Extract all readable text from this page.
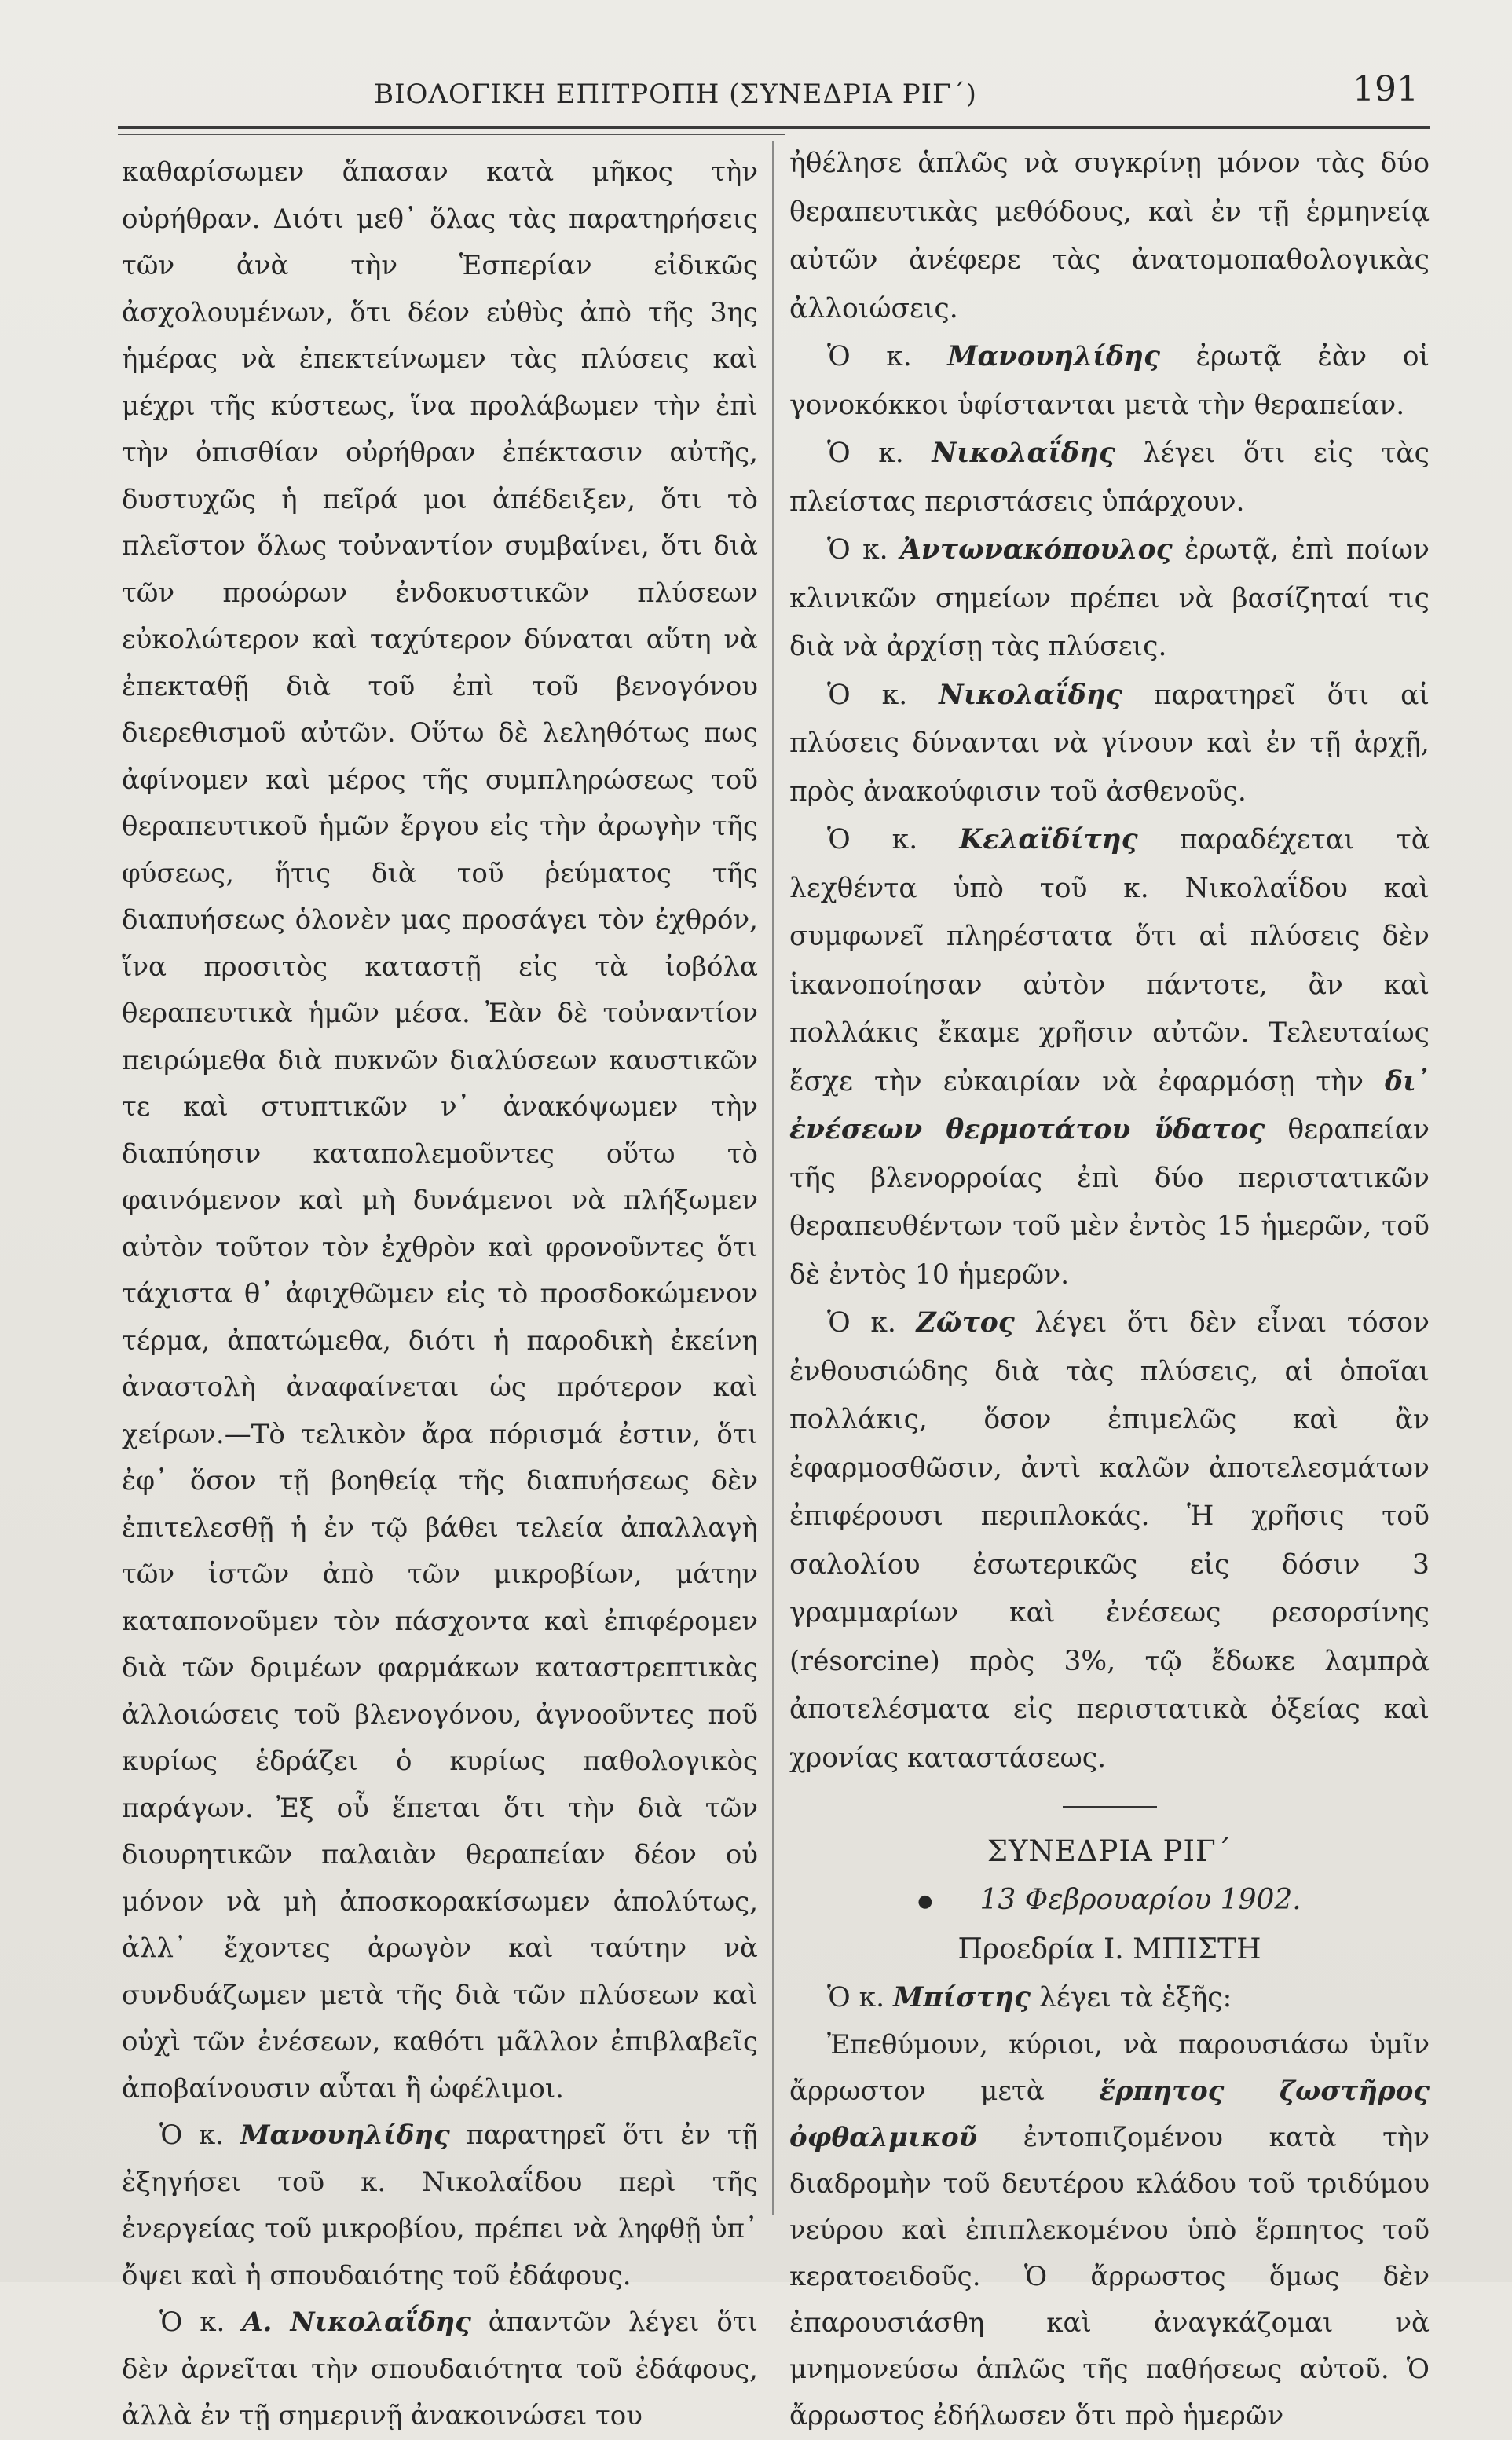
ΒΙΟΛΟΓΙΚΗ ΕΠΙΤΡΟΠΗ (ΣΥΝΕΔΡΙΑ ΡΙΓ΄)	191

καθαρίσωμεν ἅπασαν κατὰ μῆκος τὴν οὐρήθραν. Διότι μεθ᾿ ὅλας τὰς παρατηρήσεις τῶν ἀνὰ τὴν Ἑσπερίαν εἰδικῶς ἀσχολουμένων, ὅτι δέον εὐθὺς ἀπὸ τῆς 3ης ἡμέρας νὰ ἐπεκτείνωμεν τὰς πλύσεις καὶ μέχρι τῆς κύστεως, ἵνα προλάβωμεν τὴν ἐπὶ τὴν ὀπισθίαν οὐρήθραν ἐπέκτασιν αὐτῆς, δυστυχῶς ἡ πεῖρά μοι ἀπέδειξεν, ὅτι τὸ πλεῖστον ὅλως τοὐναντίον συμβαίνει, ὅτι διὰ τῶν προώρων ἐνδοκυστικῶν πλύσεων εὐκολώτερον καὶ ταχύτερον δύναται αὕτη νὰ ἐπεκταθῇ διὰ τοῦ ἐπὶ τοῦ βενογόνου διερεθισμοῦ αὐτῶν. Οὕτω δὲ λεληθότως πως ἀφίνομεν καὶ μέρος τῆς συμπληρώσεως τοῦ θεραπευτικοῦ ἡμῶν ἔργου εἰς τὴν ἀρωγὴν τῆς φύσεως, ἥτις διὰ τοῦ ῥεύματος τῆς διαπυήσεως ὁλονὲν μας προσάγει τὸν ἐχθρόν, ἵνα προσιτὸς καταστῇ εἰς τὰ ἰοβόλα θεραπευτικὰ ἡμῶν μέσα. Ἐὰν δὲ τοὐναντίον πειρώμεθα διὰ πυκνῶν διαλύσεων καυστικῶν τε καὶ στυπτικῶν ν᾿ ἀνακόψωμεν τὴν διαπύησιν καταπολεμοῦντες οὕτω τὸ φαινόμενον καὶ μὴ δυνάμενοι νὰ πλήξωμεν αὐτὸν τοῦτον τὸν ἐχθρὸν καὶ φρονοῦντες ὅτι τάχιστα θ᾿ ἀφιχθῶμεν εἰς τὸ προσδοκώμενον τέρμα, ἀπατώμεθα, διότι ἡ παροδικὴ ἐκείνη ἀναστολὴ ἀναφαίνεται ὡς πρότερον καὶ χείρων.—Τὸ τελικὸν ἄρα πόρισμά ἐστιν, ὅτι ἐφ᾿ ὅσον τῇ βοηθείᾳ τῆς διαπυήσεως δὲν ἐπιτελεσθῇ ἡ ἐν τῷ βάθει τελεία ἀπαλλαγὴ τῶν ἱστῶν ἀπὸ τῶν μικροβίων, μάτην καταπονοῦμεν τὸν πάσχοντα καὶ ἐπιφέρομεν διὰ τῶν δριμέων φαρμάκων καταστρεπτικὰς ἀλλοιώσεις τοῦ βλενογόνου, ἀγνοοῦντες ποῦ κυρίως ἑδράζει ὁ κυρίως παθολογικὸς παράγων. Ἐξ οὗ ἕπεται ὅτι τὴν διὰ τῶν διουρητικῶν παλαιὰν θεραπείαν δέον οὐ μόνον νὰ μὴ ἀποσκορακίσωμεν ἀπολύτως, ἀλλ᾿ ἔχοντες ἀρωγὸν καὶ ταύτην νὰ συνδυάζωμεν μετὰ τῆς διὰ τῶν πλύσεων καὶ οὐχὶ τῶν ἐνέσεων, καθότι μᾶλλον ἐπιβλαβεῖς ἀποβαίνουσιν αὗται ἢ ὠφέλιμοι.

Ὁ κ. Μανουηλίδης παρατηρεῖ ὅτι ἐν τῇ ἐξηγήσει τοῦ κ. Νικολαΐδου περὶ τῆς ἐνεργείας τοῦ μικροβίου, πρέπει νὰ ληφθῇ ὑπ᾿ ὄψει καὶ ἡ σπουδαιότης τοῦ ἐδάφους.

Ὁ κ. Α. Νικολαΐδης ἀπαντῶν λέγει ὅτι δὲν ἀρνεῖται τὴν σπουδαιότητα τοῦ ἐδάφους, ἀλλὰ ἐν τῇ σημερινῇ ἀνακοινώσει του

ἠθέλησε ἁπλῶς νὰ συγκρίνῃ μόνον τὰς δύο θεραπευτικὰς μεθόδους, καὶ ἐν τῇ ἑρμηνείᾳ αὐτῶν ἀνέφερε τὰς ἀνατομοπαθολογικὰς ἀλλοιώσεις.

Ὁ κ. Μανουηλίδης ἐρωτᾷ ἐὰν οἱ γονοκόκκοι ὑφίστανται μετὰ τὴν θεραπείαν.

Ὁ κ. Νικολαΐδης λέγει ὅτι εἰς τὰς πλείστας περιστάσεις ὑπάρχουν.

Ὁ κ. Ἀντωνακόπουλος ἐρωτᾷ, ἐπὶ ποίων κλινικῶν σημείων πρέπει νὰ βασίζηταί τις διὰ νὰ ἀρχίσῃ τὰς πλύσεις.

Ὁ κ. Νικολαΐδης παρατηρεῖ ὅτι αἱ πλύσεις δύνανται νὰ γίνουν καὶ ἐν τῇ ἀρχῇ, πρὸς ἀνακούφισιν τοῦ ἀσθενοῦς.

Ὁ κ. Κελαϊδίτης παραδέχεται τὰ λεχθέντα ὑπὸ τοῦ κ. Νικολαΐδου καὶ συμφωνεῖ πληρέστατα ὅτι αἱ πλύσεις δὲν ἱκανοποίησαν αὐτὸν πάντοτε, ἂν καὶ πολλάκις ἔκαμε χρῆσιν αὐτῶν. Τελευταίως ἔσχε τὴν εὐκαιρίαν νὰ ἐφαρμόσῃ τὴν δι᾿ ἐνέσεων θερμοτάτου ὕδατος θεραπείαν τῆς βλενορροίας ἐπὶ δύο περιστατικῶν θεραπευθέντων τοῦ μὲν ἐντὸς 15 ἡμερῶν, τοῦ δὲ ἐντὸς 10 ἡμερῶν.

Ὁ κ. Ζῶτος λέγει ὅτι δὲν εἶναι τόσον ἐνθουσιώδης διὰ τὰς πλύσεις, αἱ ὁποῖαι πολλάκις, ὅσον ἐπιμελῶς καὶ ἂν ἐφαρμοσθῶσιν, ἀντὶ καλῶν ἀποτελεσμάτων ἐπιφέρουσι περιπλοκάς. Ἡ χρῆσις τοῦ σαλολίου ἐσωτερικῶς εἰς δόσιν 3 γραμμαρίων καὶ ἐνέσεως ρεσορσίνης (résorcine) πρὸς 3%, τῷ ἔδωκε λαμπρὰ ἀποτελέσματα εἰς περιστατικὰ ὀξείας καὶ χρονίας καταστάσεως.

ΣΥΝΕΔΡΙΑ ΡΙΓ΄

● 13 Φεβρουαρίου 1902.

Προεδρία Ι. ΜΠΙΣΤΗ

Ὁ κ. Μπίστης λέγει τὰ ἑξῆς:

Ἐπεθύμουν, κύριοι, νὰ παρουσιάσω ὑμῖν ἄρρωστον μετὰ ἕρπητος ζωστῆρος ὀφθαλμικοῦ ἐντοπιζομένου κατὰ τὴν διαδρομὴν τοῦ δευτέρου κλάδου τοῦ τριδύμου νεύρου καὶ ἐπιπλεκομένου ὑπὸ ἕρπητος τοῦ κερατοειδοῦς. Ὁ ἄρρωστος ὅμως δὲν ἐπαρουσιάσθη καὶ ἀναγκάζομαι νὰ μνημονεύσω ἁπλῶς τῆς παθήσεως αὐτοῦ. Ὁ ἄρρωστος ἐδήλωσεν ὅτι πρὸ ἡμερῶν
